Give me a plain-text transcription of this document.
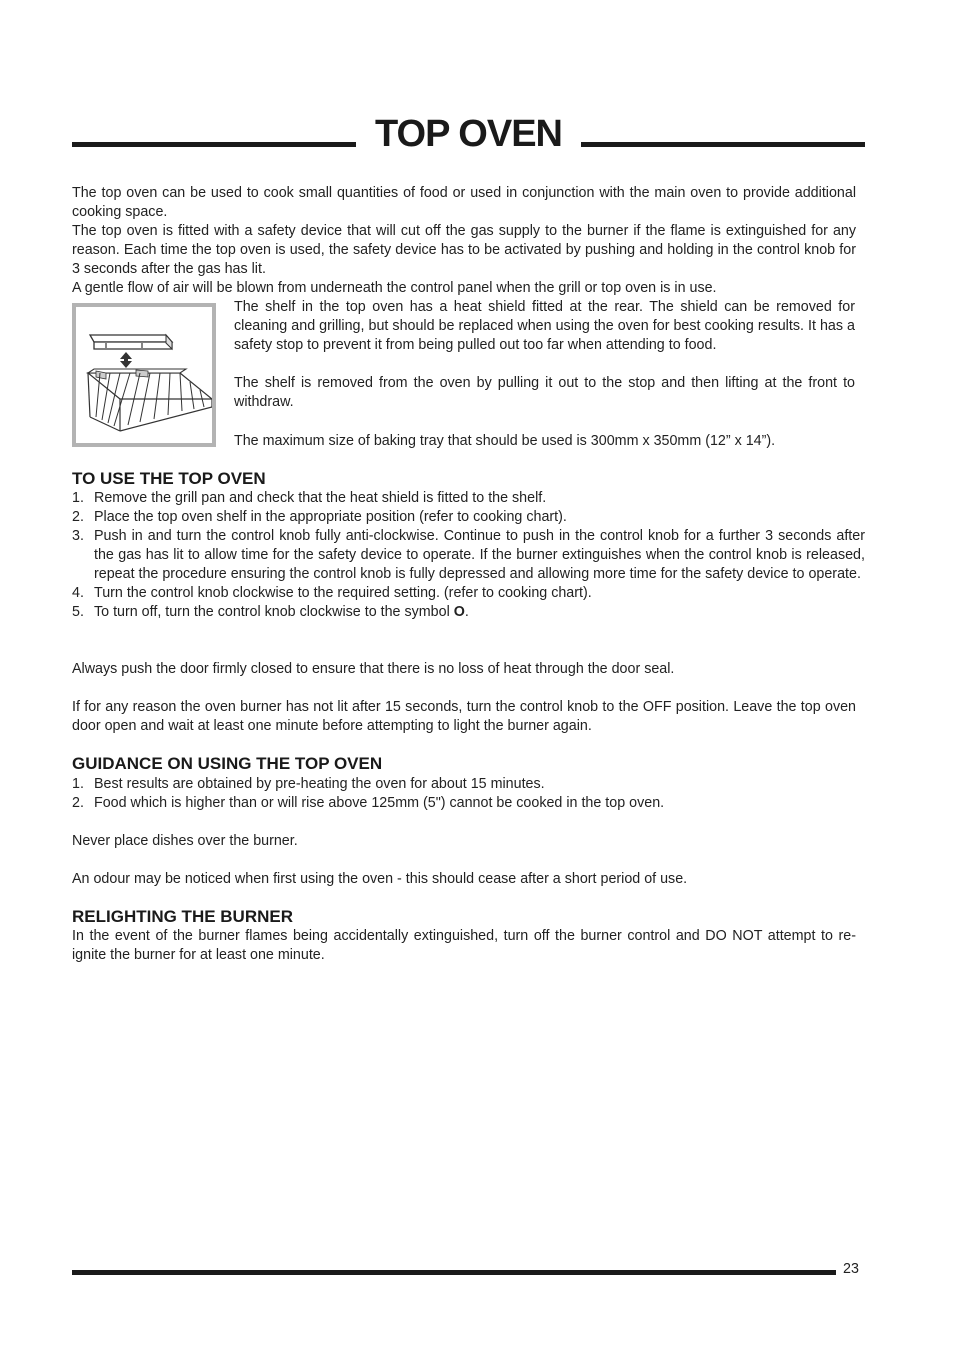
TOP OVEN

The top oven can be used to cook small quantities of food or used in conjunction with the main oven to provide additional cooking space.

The top oven is fitted with a safety device that will cut off the gas supply to the burner if the flame is extinguished for any reason. Each time the top oven is used, the safety device has to be activated by pushing and holding in the control knob for 3 seconds after the gas has lit.

A gentle flow of air will be blown from underneath the control panel when the grill or top oven is in use.

The shelf in the top oven has a heat shield fitted at the rear. The shield can be removed for cleaning and grilling, but should be replaced when using the oven for best cooking results. It has a safety stop to prevent it from being pulled out too far when attending to food.

The shelf is removed from the oven by pulling it out to the stop and then lifting at the front to withdraw.

The maximum size of baking tray that should be used is 300mm x 350mm (12” x 14”).

TO USE THE TOP OVEN
1. Remove the grill pan and check that the heat shield is fitted to the shelf.
2. Place the top oven shelf in the appropriate position (refer to cooking chart).
3. Push in and turn the control knob fully anti-clockwise. Continue to push in the control knob for a further 3 seconds after the gas has lit to allow time for the safety device to operate. If the burner extinguishes when the control knob is released, repeat the procedure ensuring the control knob is fully depressed and allowing more time for the safety device to operate.
4. Turn the control knob clockwise to the required setting. (refer to cooking chart).
5. To turn off, turn the control knob clockwise to the symbol O.

Always push the door firmly closed to ensure that there is no loss of heat through the door seal.

If for any reason the oven burner has not lit after 15 seconds, turn the control knob to the OFF position. Leave the top oven door open and wait at least one minute before attempting to light the burner again.

GUIDANCE ON USING THE TOP OVEN
1. Best results are obtained by pre-heating the oven for about 15 minutes.
2. Food which is higher than or will rise above 125mm (5") cannot be cooked in the top oven.

Never place dishes over the burner.

An odour may be noticed when first using the oven - this should cease after a short period of use.

RELIGHTING THE BURNER

In the event of the burner flames being accidentally extinguished, turn off the burner control and DO NOT attempt to re-ignite the burner for at least one minute.

23
